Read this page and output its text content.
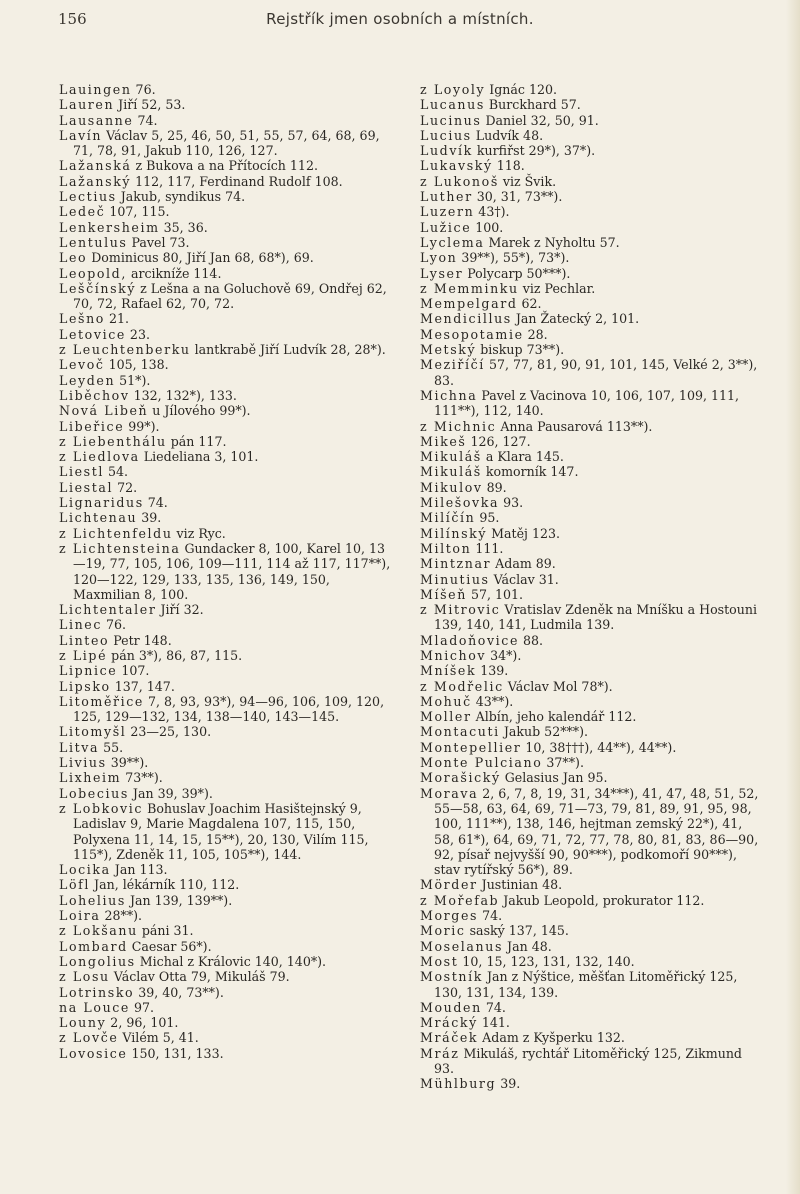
156	Rejstřík jmen osobních a místních.

Lauingen 76.

Lauren Jiří 52, 53.

Lausanne 74.

Lavín Václav 5, 25, 46, 50, 51, 55, 57, 64, 68, 69, 71, 78, 91, Jakub 110, 126, 127.

Lažanská z Bukova a na Přítocích 112.

Lažanský 112, 117, Ferdinand Rudolf 108.

Lectius Jakub, syndikus 74.

Ledeč 107, 115.

Lenkersheim 35, 36.

Lentulus Pavel 73.

Leo Dominicus 80, Jiří Jan 68, 68*), 69.

Leopold, arcikníže 114.

Leščínský z Lešna a na Goluchově 69, Ondřej 62, 70, 72, Rafael 62, 70, 72.

Lešno 21.

Letovice 23.

z Leuchtenberku lantkrabě Jiří Ludvík 28, 28*).

Levoč 105, 138.

Leyden 51*).

Liběchov 132, 132*), 133.

Nová Libeň u Jílového 99*).

Libeřice 99*).

z Liebenthálu pán 117.

z Liedlova Liedeliana 3, 101.

Liestl 54.

Liestal 72.

Lignaridus 74.

Lichtenau 39.

z Lichtenfeldu viz Ryc.

z Lichtensteina Gundacker 8, 100, Karel 10, 13—19, 77, 105, 106, 109—111, 114 až 117, 117**), 120—122, 129, 133, 135, 136, 149, 150, Maxmilian 8, 100.

Lichtentaler Jiří 32.

Linec 76.

Linteo Petr 148.

z Lipé pán 3*), 86, 87, 115.

Lipnice 107.

Lipsko 137, 147.

Litoměřice 7, 8, 93, 93*), 94—96, 106, 109, 120, 125, 129—132, 134, 138—140, 143—145.

Litomyšl 23—25, 130.

Litva 55.

Livius 39**).

Lixheim 73**).

Lobecius Jan 39, 39*).

z Lobkovic Bohuslav Joachim Hasištejnský 9, Ladislav 9, Marie Magdalena 107, 115, 150, Polyxena 11, 14, 15, 15**), 20, 130, Vilím 115, 115*), Zdeněk 11, 105, 105**), 144.

Locika Jan 113.

Löfl Jan, lékárník 110, 112.

Lohelius Jan 139, 139**).

Loira 28**).

z Lokšanu páni 31.

Lombard Caesar 56*).

Longolius Michal z Královic 140, 140*).

z Losu Václav Otta 79, Mikuláš 79.

Lotrinsko 39, 40, 73**).

na Louce 97.

Louny 2, 96, 101.

z Lovče Vilém 5, 41.

Lovosice 150, 131, 133.

z Loyoly Ignác 120.

Lucanus Burckhard 57.

Lucinus Daniel 32, 50, 91.

Lucius Ludvík 48.

Ludvík kurfiřst 29*), 37*).

Lukavský 118.

z Lukonoš viz Švik.

Luther 30, 31, 73**).

Luzern 43†).

Lužice 100.

Lyclema Marek z Nyholtu 57.

Lyon 39**), 55*), 73*).

Lyser Polycarp 50***).

z Memminku viz Pechlar.

Mempelgard 62.

Mendicillus Jan Žatecký 2, 101.

Mesopotamie 28.

Metský biskup 73**).

Meziříčí 57, 77, 81, 90, 91, 101, 145, Velké 2, 3**), 83.

Michna Pavel z Vacinova 10, 106, 107, 109, 111, 111**), 112, 140.

z Michnic Anna Pausarová 113**).

Mikeš 126, 127.

Mikuláš a Klara 145.

Mikuláš komorník 147.

Mikulov 89.

Milešovka 93.

Milíčín 95.

Milínský Matěj 123.

Milton 111.

Mintznar Adam 89.

Minutius Václav 31.

Míšeň 57, 101.

z Mitrovic Vratislav Zdeněk na Mníšku a Hostouni 139, 140, 141, Ludmila 139.

Mladoňovice 88.

Mnichov 34*).

Mníšek 139.

z Modřelic Václav Mol 78*).

Mohuč 43**).

Moller Albín, jeho kalendář 112.

Montacuti Jakub 52***).

Montepellier 10, 38†††), 44**), 44**).

Monte Pulciano 37**).

Morašický Gelasius Jan 95.

Morava 2, 6, 7, 8, 19, 31, 34***), 41, 47, 48, 51, 52, 55—58, 63, 64, 69, 71—73, 79, 81, 89, 91, 95, 98, 100, 111**), 138, 146, hejtman zemský 22*), 41, 58, 61*), 64, 69, 71, 72, 77, 78, 80, 81, 83, 86—90, 92, písař nejvyšší 90, 90***), podkomoří 90***), stav rytířský 56*), 89.

Mörder Justinian 48.

z Mořefab Jakub Leopold, prokurator 112.

Morges 74.

Moric saský 137, 145.

Moselanus Jan 48.

Most 10, 15, 123, 131, 132, 140.

Mostník Jan z Nýštice, měšťan Litoměřický 125, 130, 131, 134, 139.

Mouden 74.

Mrácký 141.

Mráček Adam z Kyšperku 132.

Mráz Mikuláš, rychtář Litoměřický 125, Zikmund 93.

Mühlburg 39.
